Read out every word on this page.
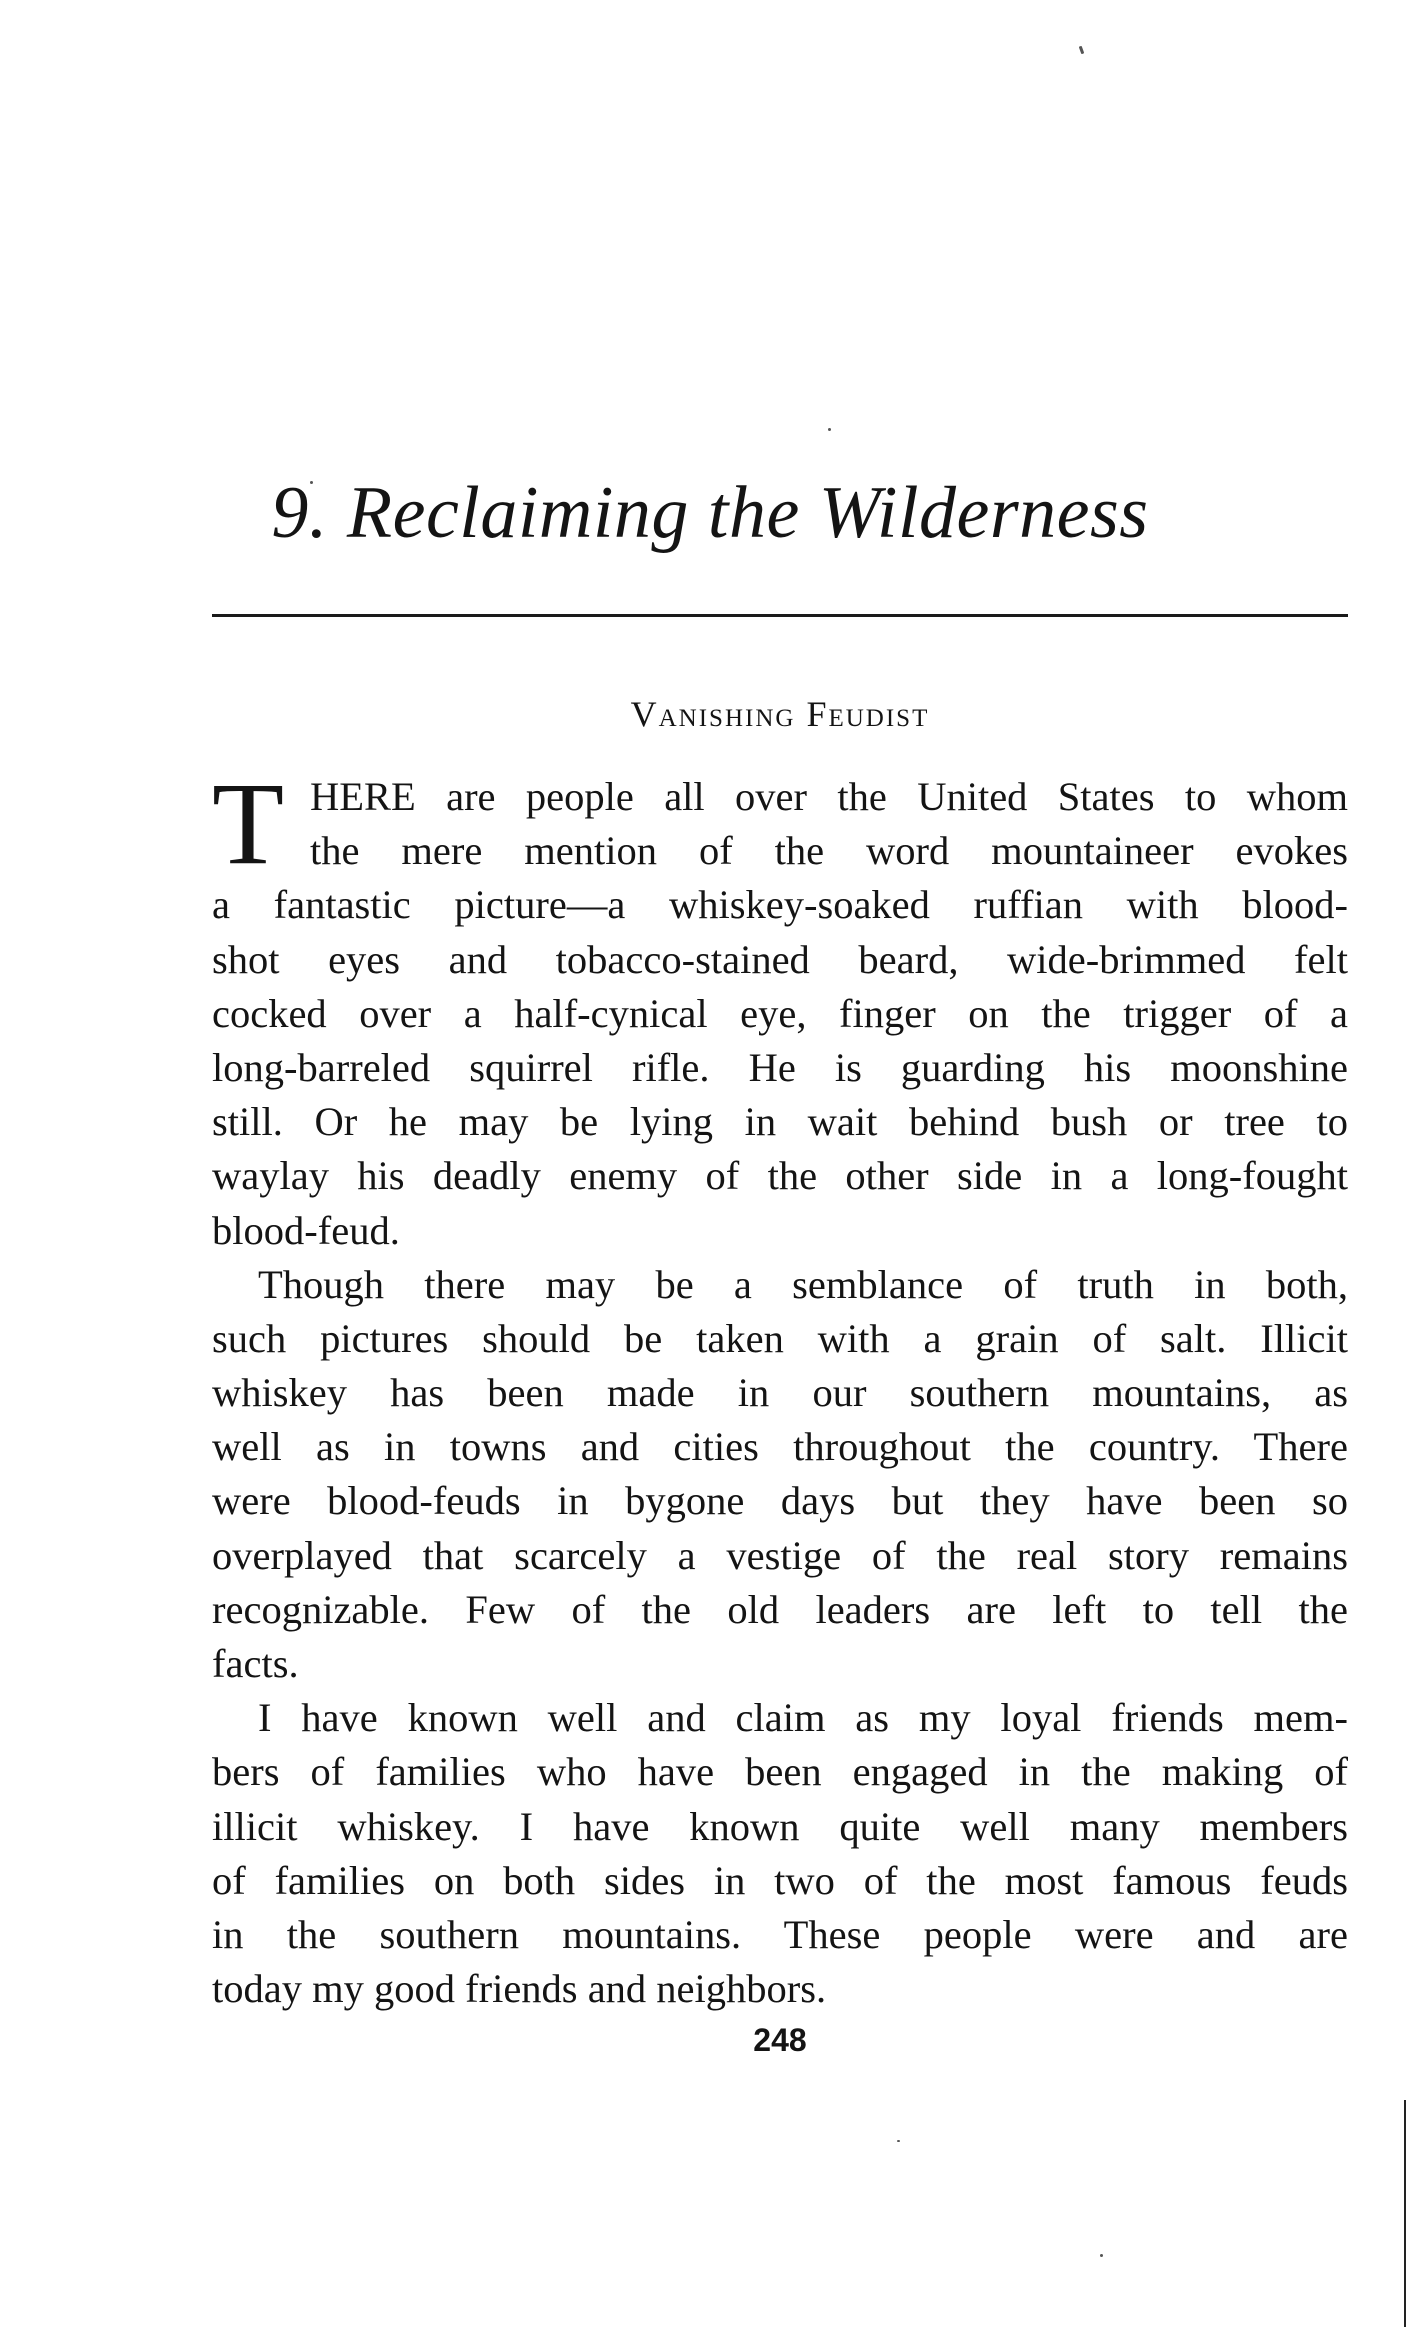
9. Reclaiming the Wilderness
Vanishing Feudist
T HERE are people all over the United States to whom
the mere mention of the word mountaineer evokes
a fantastic picture—a whiskey-soaked ruffian with blood-
shot eyes and tobacco-stained beard, wide-brimmed felt
cocked over a half-cynical eye, finger on the trigger of a
long-barreled squirrel rifle. He is guarding his moonshine
still. Or he may be lying in wait behind bush or tree to
waylay his deadly enemy of the other side in a long-fought
blood-feud.
Though there may be a semblance of truth in both,
such pictures should be taken with a grain of salt. Illicit
whiskey has been made in our southern mountains, as
well as in towns and cities throughout the country. There
were blood-feuds in bygone days but they have been so
overplayed that scarcely a vestige of the real story remains
recognizable. Few of the old leaders are left to tell the
facts.
I have known well and claim as my loyal friends mem-
bers of families who have been engaged in the making of
illicit whiskey. I have known quite well many members
of families on both sides in two of the most famous feuds
in the southern mountains. These people were and are
today my good friends and neighbors.
248
